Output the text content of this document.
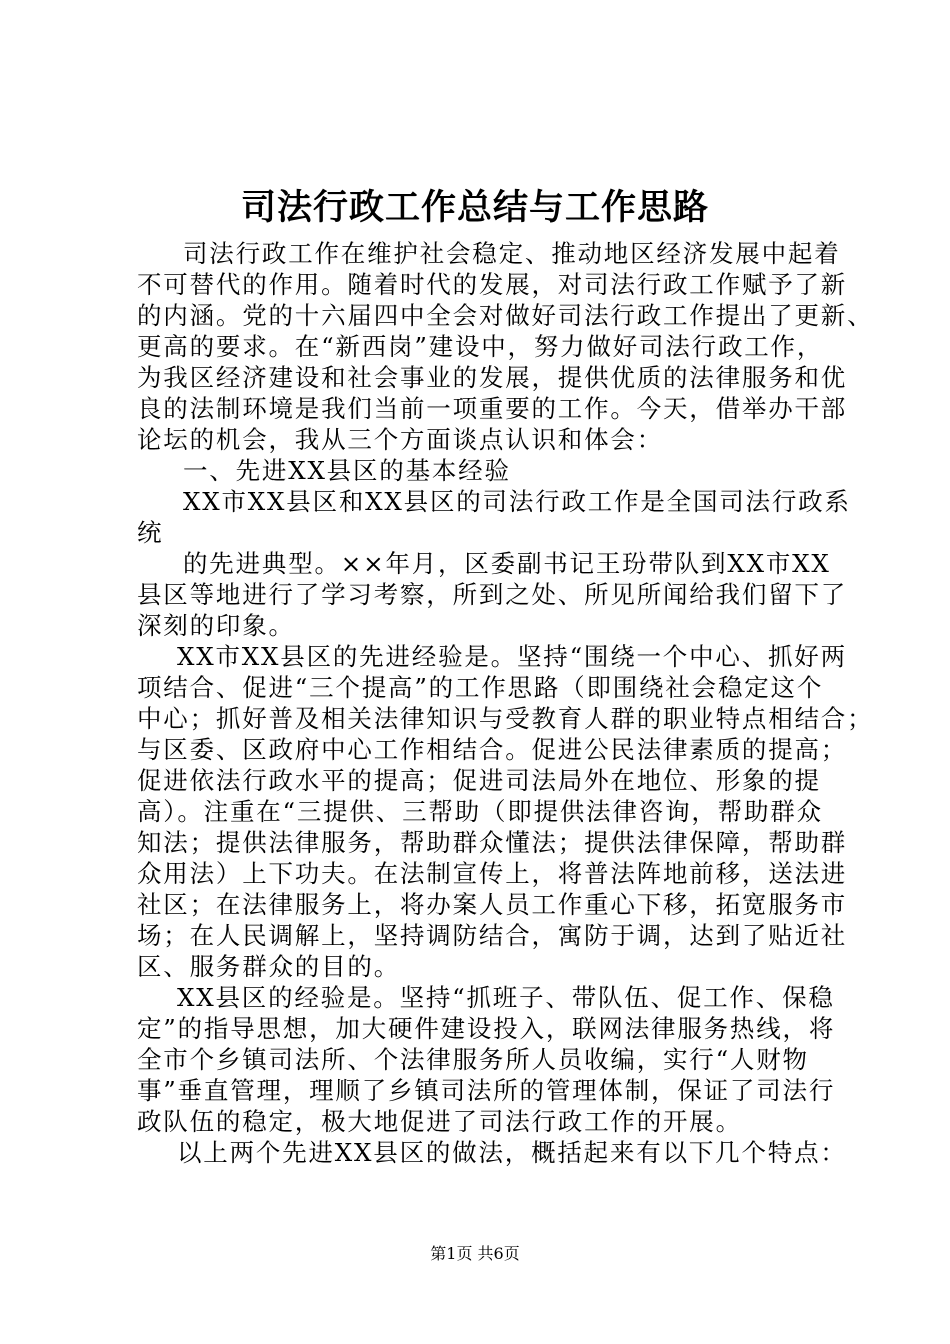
司法行政工作总结与工作思路
司法行政工作在维护社会稳定、推动地区经济发展中起着
不可替代的作用。随着时代的发展，对司法行政工作赋予了新
的内涵。党的十六届四中全会对做好司法行政工作提出了更新、
更高的要求。在“新西岗”建设中，努力做好司法行政工作，
为我区经济建设和社会事业的发展，提供优质的法律服务和优
良的法制环境是我们当前一项重要的工作。今天，借举办干部
论坛的机会，我从三个方面谈点认识和体会：
一、先进XX县区的基本经验
XX市XX县区和XX县区的司法行政工作是全国司法行政系
统
的先进典型。××年月，区委副书记王玢带队到XX市XX
县区等地进行了学习考察，所到之处、所见所闻给我们留下了
深刻的印象。
XX市XX县区的先进经验是。坚持“围绕一个中心、抓好两
项结合、促进“三个提高”的工作思路（即围绕社会稳定这个
中心；抓好普及相关法律知识与受教育人群的职业特点相结合；
与区委、区政府中心工作相结合。促进公民法律素质的提高；
促进依法行政水平的提高；促进司法局外在地位、形象的提
高）。注重在“三提供、三帮助（即提供法律咨询，帮助群众
知法；提供法律服务，帮助群众懂法；提供法律保障，帮助群
众用法）上下功夫。在法制宣传上，将普法阵地前移，送法进
社区；在法律服务上，将办案人员工作重心下移，拓宽服务市
场；在人民调解上，坚持调防结合，寓防于调，达到了贴近社
区、服务群众的目的。
XX县区的经验是。坚持“抓班子、带队伍、促工作、保稳
定”的指导思想，加大硬件建设投入，联网法律服务热线，将
全市个乡镇司法所、个法律服务所人员收编，实行“人财物
事”垂直管理，理顺了乡镇司法所的管理体制，保证了司法行
政队伍的稳定，极大地促进了司法行政工作的开展。
以上两个先进XX县区的做法，概括起来有以下几个特点：
第1页 共6页
